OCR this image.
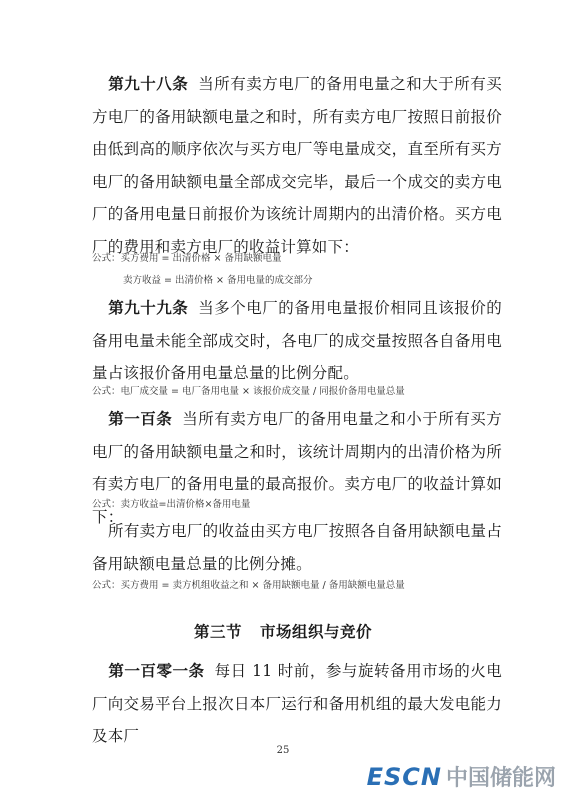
第九十八条 当所有卖方电厂的备用电量之和大于所有买方电厂的备用缺额电量之和时，所有卖方电厂按照日前报价由低到高的顺序依次与买方电厂等电量成交，直至所有买方电厂的备用缺额电量全部成交完毕，最后一个成交的卖方电厂的备用电量日前报价为该统计周期内的出清价格。买方电厂的费用和卖方电厂的收益计算如下：

公式：买方费用 = 出清价格 × 备用缺额电量
卖方收益 = 出清价格 × 备用电量的成交部分

第九十九条 当多个电厂的备用电量报价相同且该报价的备用电量未能全部成交时，各电厂的成交量按照各自备用电量占该报价备用电量总量的比例分配。

公式：电厂成交量 = 电厂备用电量 × 该报价成交量 / 同报价备用电量总量

第一百条 当所有卖方电厂的备用电量之和小于所有买方电厂的备用缺额电量之和时，该统计周期内的出清价格为所有卖方电厂的备用电量的最高报价。卖方电厂的收益计算如下：

公式：卖方收益=出清价格×备用电量

所有卖方电厂的收益由买方电厂按照各自备用缺额电量占备用缺额电量总量的比例分摊。

公式：买方费用 = 卖方机组收益之和 × 备用缺额电量 / 备用缺额电量总量
第三节 市场组织与竞价

第一百零一条 每日 11 时前，参与旋转备用市场的火电厂向交易平台上报次日本厂运行和备用机组的最大发电能力及本厂

25
ESCN 中国储能网
